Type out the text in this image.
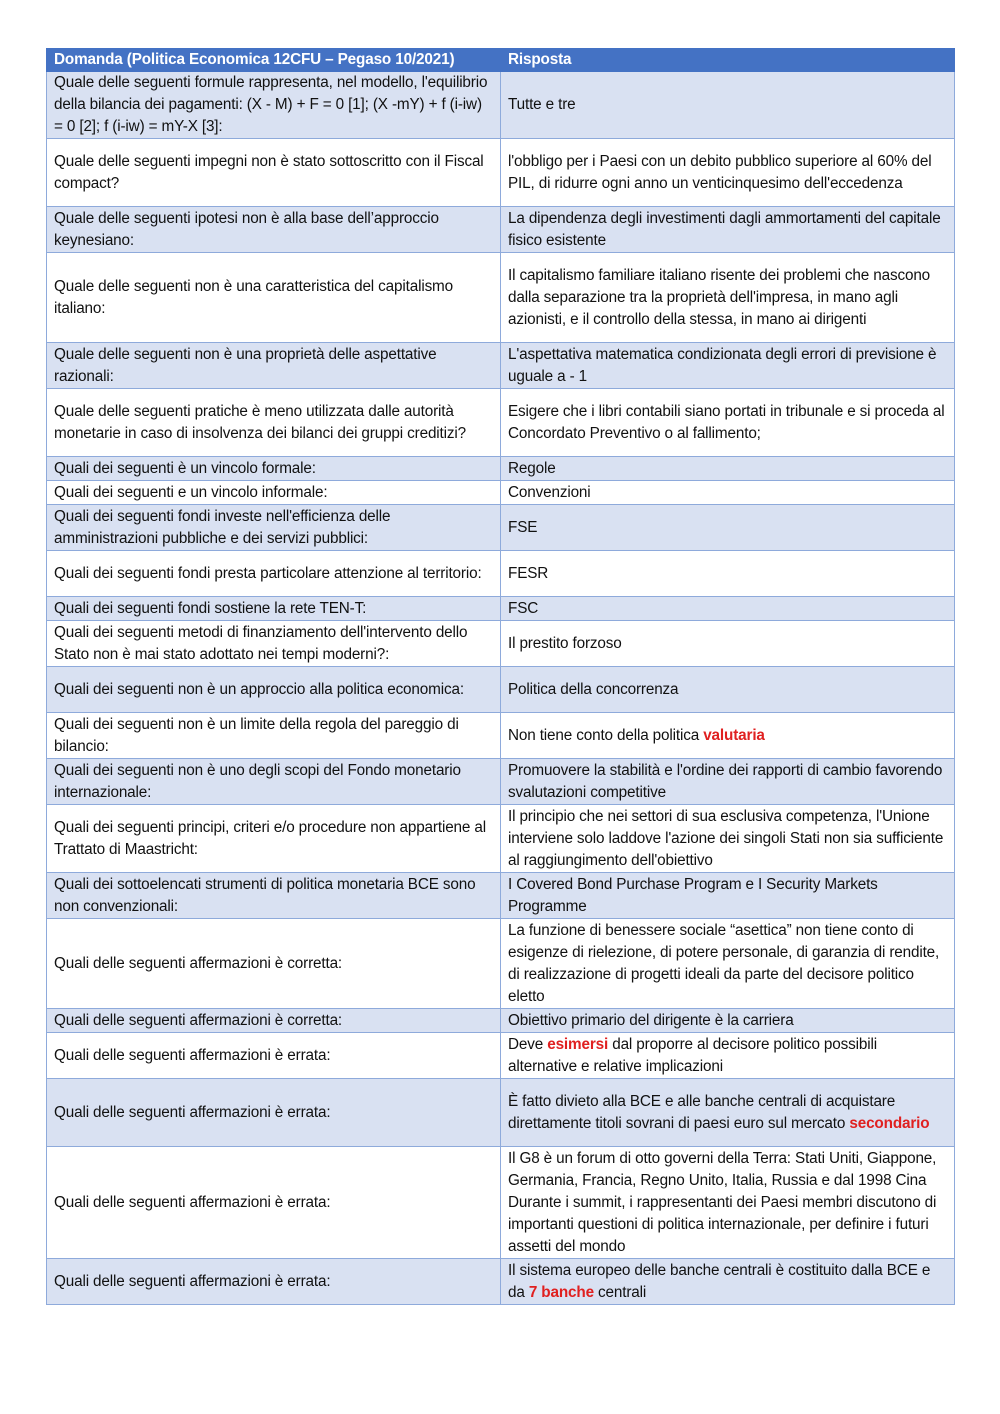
Domanda (Politica Economica 12CFU – Pegaso 10/2021)	Risposta
Quale delle seguenti formule rappresenta, nel modello, l'equilibrio della bilancia dei pagamenti: (X - M) + F = 0 [1]; (X -mY) + f (i-iw) = 0 [2]; f (i-iw) = mY-X [3]:	Tutte e tre
Quale delle seguenti impegni non è stato sottoscritto con il Fiscal compact?	l'obbligo per i Paesi con un debito pubblico superiore al 60% del PIL, di ridurre ogni anno un venticinquesimo dell'eccedenza
Quale delle seguenti ipotesi non è alla base dell’approccio keynesiano:	La dipendenza degli investimenti dagli ammortamenti del capitale fisico esistente
Quale delle seguenti non è una caratteristica del capitalismo italiano:	Il capitalismo familiare italiano risente dei problemi che nascono dalla separazione tra la proprietà dell'impresa, in mano agli azionisti, e il controllo della stessa, in mano ai dirigenti
Quale delle seguenti non è una proprietà delle aspettative razionali:	L'aspettativa matematica condizionata degli errori di previsione è uguale a - 1
Quale delle seguenti pratiche è meno utilizzata dalle autorità monetarie in caso di insolvenza dei bilanci dei gruppi creditizi?	Esigere che i libri contabili siano portati in tribunale e si proceda al Concordato Preventivo o al fallimento;
Quali dei seguenti è un vincolo formale:	Regole
Quali dei seguenti e un vincolo informale:	Convenzioni
Quali dei seguenti fondi investe nell'efficienza delle amministrazioni pubbliche e dei servizi pubblici:	FSE
Quali dei seguenti fondi presta particolare attenzione al territorio:	FESR
Quali dei seguenti fondi sostiene la rete TEN-T:	FSC
Quali dei seguenti metodi di finanziamento dell'intervento dello Stato non è mai stato adottato nei tempi moderni?:	Il prestito forzoso
Quali dei seguenti non è un approccio alla politica economica:	Politica della concorrenza
Quali dei seguenti non è un limite della regola del pareggio di bilancio:	Non tiene conto della politica valutaria
Quali dei seguenti non è uno degli scopi del Fondo monetario internazionale:	Promuovere la stabilità e l'ordine dei rapporti di cambio favorendo svalutazioni competitive
Quali dei seguenti principi, criteri e/o procedure non appartiene al Trattato di Maastricht:	Il principio che nei settori di sua esclusiva competenza, l'Unione interviene solo laddove l'azione dei singoli Stati non sia sufficiente al raggiungimento dell'obiettivo
Quali dei sottoelencati strumenti di politica monetaria BCE sono non convenzionali:	I Covered Bond Purchase Program e I Security Markets Programme
Quali delle seguenti affermazioni è corretta:	La funzione di benessere sociale “asettica” non tiene conto di esigenze di rielezione, di potere personale, di garanzia di rendite, di realizzazione di progetti ideali da parte del decisore politico eletto
Quali delle seguenti affermazioni è corretta:	Obiettivo primario del dirigente è la carriera
Quali delle seguenti affermazioni è errata:	Deve esimersi dal proporre al decisore politico possibili alternative e relative implicazioni
Quali delle seguenti affermazioni è errata:	È fatto divieto alla BCE e alle banche centrali di acquistare direttamente titoli sovrani di paesi euro sul mercato secondario
Quali delle seguenti affermazioni è errata:	Il G8 è un forum di otto governi della Terra: Stati Uniti, Giappone, Germania, Francia, Regno Unito, Italia, Russia e dal 1998 Cina Durante i summit, i rappresentanti dei Paesi membri discutono di importanti questioni di politica internazionale, per definire i futuri assetti del mondo
Quali delle seguenti affermazioni è errata:	Il sistema europeo delle banche centrali è costituito dalla BCE e da 7 banche centrali
